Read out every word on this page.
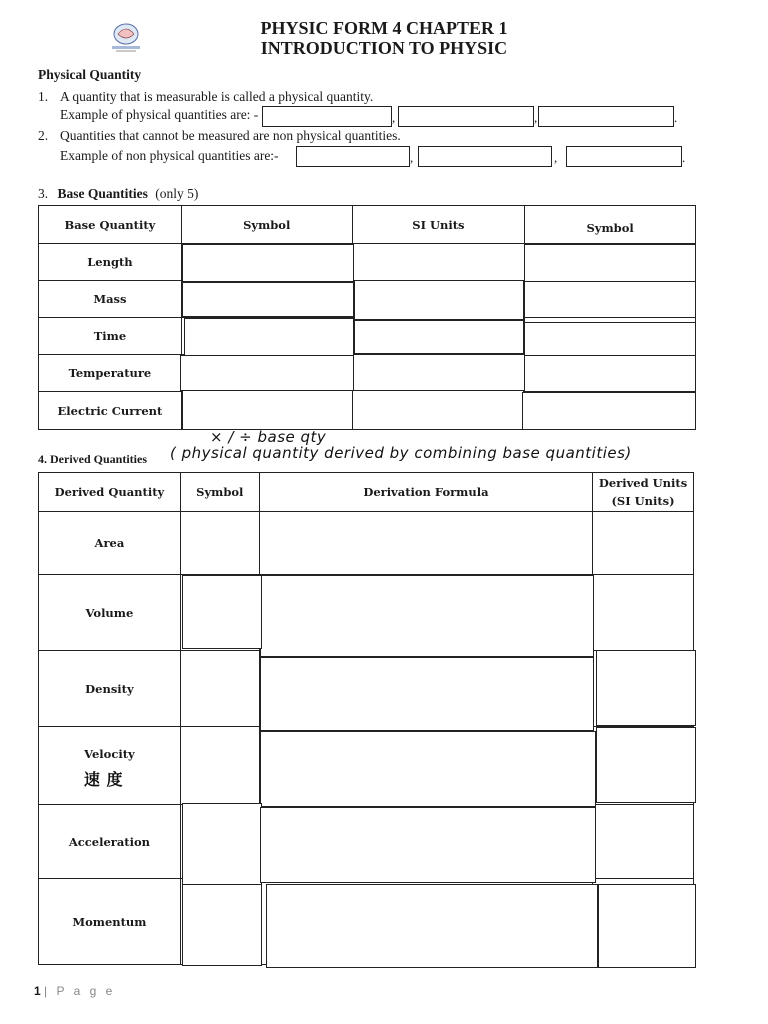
PHYSIC FORM 4 CHAPTER 1
INTRODUCTION TO PHYSIC
Physical Quantity
1. A quantity that is measurable is called a physical quantity.
Example of physical quantities are: -	,	,	.
2. Quantities that cannot be measured are non physical quantities.
Example of non physical quantities are:-	,	,	.
3. Base Quantities (only 5)
Base Quantity	Symbol	SI Units	Symbol
Length			
Mass			
Time			
Temperature			
Electric Current			
× / ÷ base qty
4. Derived Quantities ( physical quantity derived by combining base quantities)
Derived Quantity	Symbol	Derivation Formula	Derived Units
(SI Units)

Area			
Volume			
Density			

Velocity
速 度			

Acceleration			
Momentum			
1 | P a g e
